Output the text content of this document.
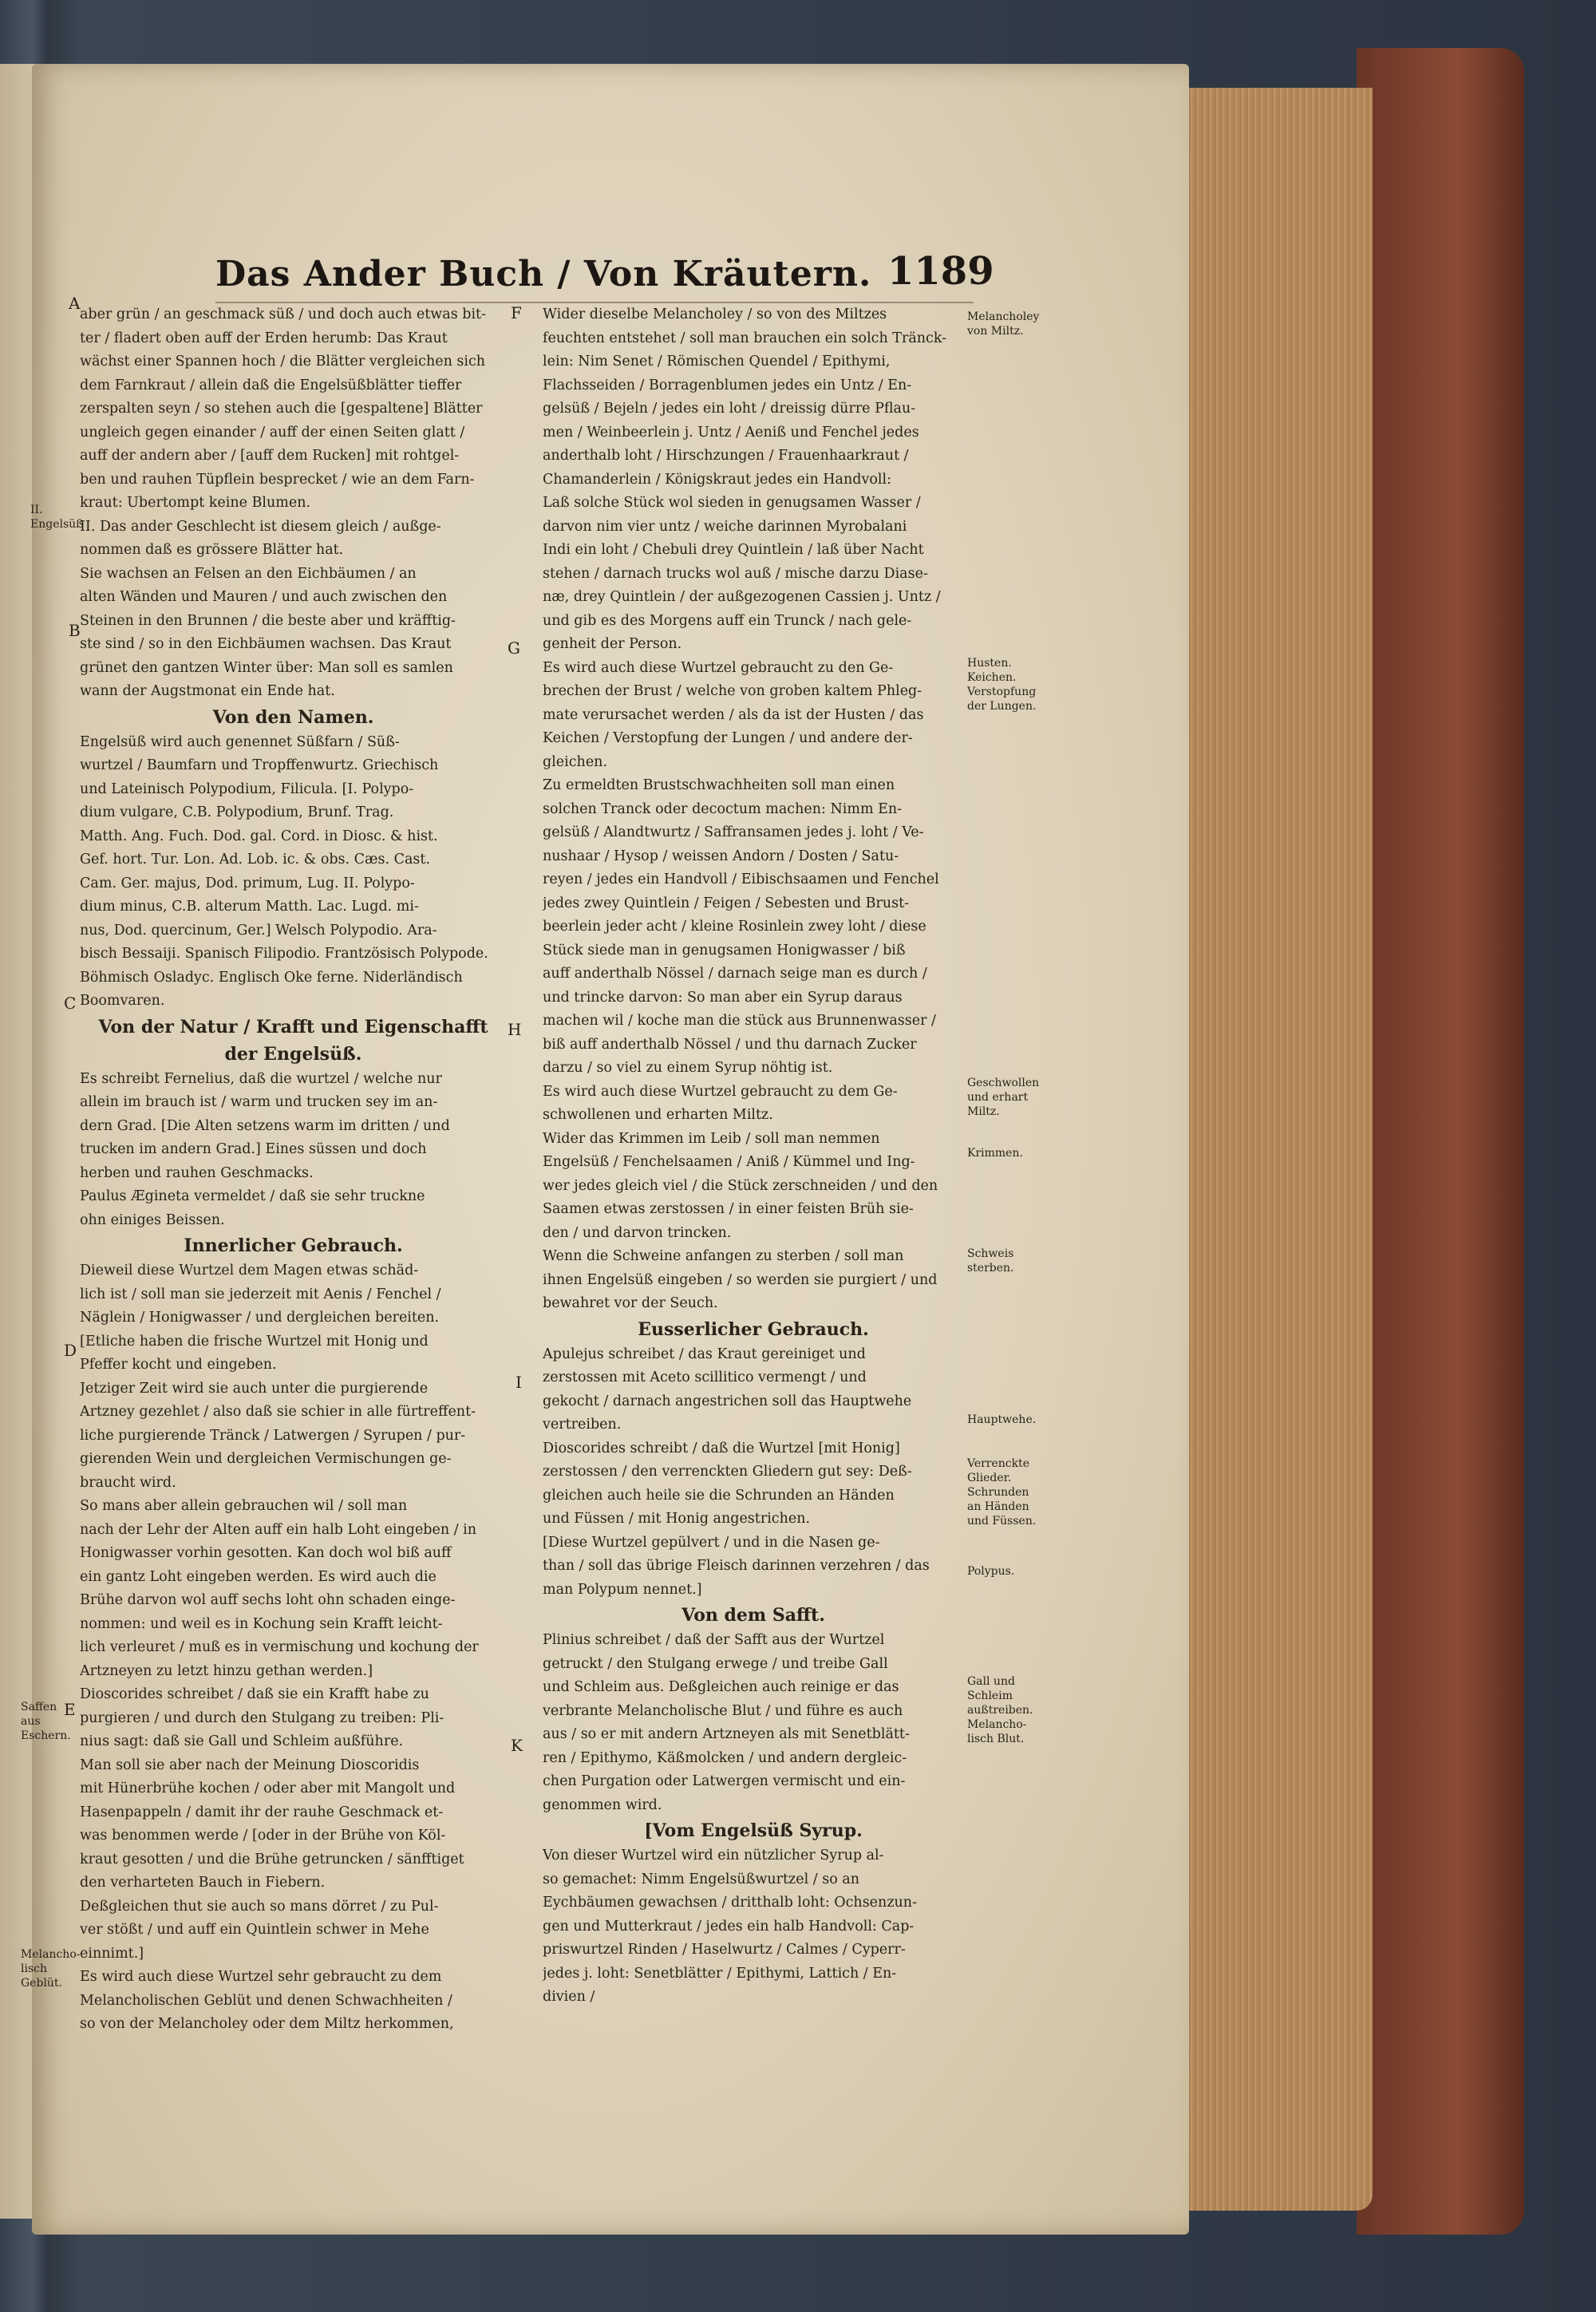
Das Ander Buch / Von Kräutern. 1189
aber grün / an geschmack süß / und doch auch etwas bit-
ter / fladert oben auff der Erden herumb: Das Kraut
wächst einer Spannen hoch / die Blätter vergleichen sich
dem Farnkraut / allein daß die Engelsüßblätter tieffer
zerspalten seyn / so stehen auch die [gespaltene] Blätter
ungleich gegen einander / auff der einen Seiten glatt /
auff der andern aber / [auff dem Rucken] mit rohtgel-
ben und rauhen Tüpflein besprecket / wie an dem Farn-
kraut: Ubertompt keine Blumen.
II. Das ander Geschlecht ist diesem gleich / außge-
nommen daß es grössere Blätter hat.
Sie wachsen an Felsen an den Eichbäumen / an
alten Wänden und Mauren / und auch zwischen den
Steinen in den Brunnen / die beste aber und kräfftig-
ste sind / so in den Eichbäumen wachsen. Das Kraut
grünet den gantzen Winter über: Man soll es samlen
wann der Augstmonat ein Ende hat.
Von den Namen.
Engelsüß wird auch genennet Süßfarn / Süß-
wurtzel / Baumfarn und Tropffenwurtz. Griechisch
und Lateinisch Polypodium, Filicula. [I. Polypo-
dium vulgare, C.B. Polypodium, Brunf. Trag.
Matth. Ang. Fuch. Dod. gal. Cord. in Diosc. & hist.
Gef. hort. Tur. Lon. Ad. Lob. ic. & obs. Cæs. Cast.
Cam. Ger. majus, Dod. primum, Lug. II. Polypo-
dium minus, C.B. alterum Matth. Lac. Lugd. mi-
nus, Dod. quercinum, Ger.] Welsch Polypodio. Ara-
bisch Bessaiji. Spanisch Filipodio. Frantzösisch Polypode.
Böhmisch Osladyc. Englisch Oke ferne. Niderländisch
Boomvaren.
Von der Natur / Krafft und Eigenschafft
der Engelsüß.
Es schreibt Fernelius, daß die wurtzel / welche nur
allein im brauch ist / warm und trucken sey im an-
dern Grad. [Die Alten setzens warm im dritten / und
trucken im andern Grad.] Eines süssen und doch
herben und rauhen Geschmacks.
Paulus Ægineta vermeldet / daß sie sehr truckne
ohn einiges Beissen.
Innerlicher Gebrauch.
Dieweil diese Wurtzel dem Magen etwas schäd-
lich ist / soll man sie jederzeit mit Aenis / Fenchel /
Näglein / Honigwasser / und dergleichen bereiten.
[Etliche haben die frische Wurtzel mit Honig und
Pfeffer kocht und eingeben.
Jetziger Zeit wird sie auch unter die purgierende
Artzney gezehlet / also daß sie schier in alle fürtreffent-
liche purgierende Tränck / Latwergen / Syrupen / pur-
gierenden Wein und dergleichen Vermischungen ge-
braucht wird.
So mans aber allein gebrauchen wil / soll man
nach der Lehr der Alten auff ein halb Loht eingeben / in
Honigwasser vorhin gesotten. Kan doch wol biß auff
ein gantz Loht eingeben werden. Es wird auch die
Brühe darvon wol auff sechs loht ohn schaden einge-
nommen: und weil es in Kochung sein Krafft leicht-
lich verleuret / muß es in vermischung und kochung der
Artzneyen zu letzt hinzu gethan werden.]
Dioscorides schreibet / daß sie ein Krafft habe zu
purgieren / und durch den Stulgang zu treiben: Pli-
nius sagt: daß sie Gall und Schleim außführe.
Man soll sie aber nach der Meinung Dioscoridis
mit Hünerbrühe kochen / oder aber mit Mangolt und
Hasenpappeln / damit ihr der rauhe Geschmack et-
was benommen werde / [oder in der Brühe von Köl-
kraut gesotten / und die Brühe getruncken / sänfftiget
den verharteten Bauch in Fiebern.
Deßgleichen thut sie auch so mans dörret / zu Pul-
ver stößt / und auff ein Quintlein schwer in Mehe
einnimt.]
Es wird auch diese Wurtzel sehr gebraucht zu dem
Melancholischen Geblüt und denen Schwachheiten /
so von der Melancholey oder dem Miltz herkommen,
Wider dieselbe Melancholey / so von des Miltzes
feuchten entstehet / soll man brauchen ein solch Tränck-
lein: Nim Senet / Römischen Quendel / Epithymi,
Flachsseiden / Borragenblumen jedes ein Untz / En-
gelsüß / Bejeln / jedes ein loht / dreissig dürre Pflau-
men / Weinbeerlein j. Untz / Aeniß und Fenchel jedes
anderthalb loht / Hirschzungen / Frauenhaarkraut /
Chamanderlein / Königskraut jedes ein Handvoll:
Laß solche Stück wol sieden in genugsamen Wasser /
darvon nim vier untz / weiche darinnen Myrobalani
Indi ein loht / Chebuli drey Quintlein / laß über Nacht
stehen / darnach trucks wol auß / mische darzu Diase-
næ, drey Quintlein / der außgezogenen Cassien j. Untz /
und gib es des Morgens auff ein Trunck / nach gele-
genheit der Person.
Es wird auch diese Wurtzel gebraucht zu den Ge-
brechen der Brust / welche von groben kaltem Phleg-
mate verursachet werden / als da ist der Husten / das
Keichen / Verstopfung der Lungen / und andere der-
gleichen.
Zu ermeldten Brustschwachheiten soll man einen
solchen Tranck oder decoctum machen: Nimm En-
gelsüß / Alandtwurtz / Saffransamen jedes j. loht / Ve-
nushaar / Hysop / weissen Andorn / Dosten / Satu-
reyen / jedes ein Handvoll / Eibischsaamen und Fenchel
jedes zwey Quintlein / Feigen / Sebesten und Brust-
beerlein jeder acht / kleine Rosinlein zwey loht / diese
Stück siede man in genugsamen Honigwasser / biß
auff anderthalb Nössel / darnach seige man es durch /
und trincke darvon: So man aber ein Syrup daraus
machen wil / koche man die stück aus Brunnenwasser /
biß auff anderthalb Nössel / und thu darnach Zucker
darzu / so viel zu einem Syrup nöhtig ist.
Es wird auch diese Wurtzel gebraucht zu dem Ge-
schwollenen und erharten Miltz.
Wider das Krimmen im Leib / soll man nemmen
Engelsüß / Fenchelsaamen / Aniß / Kümmel und Ing-
wer jedes gleich viel / die Stück zerschneiden / und den
Saamen etwas zerstossen / in einer feisten Brüh sie-
den / und darvon trincken.
Wenn die Schweine anfangen zu sterben / soll man
ihnen Engelsüß eingeben / so werden sie purgiert / und
bewahret vor der Seuch.
Eusserlicher Gebrauch.
Apulejus schreibet / das Kraut gereiniget und
zerstossen mit Aceto scillitico vermengt / und
gekocht / darnach angestrichen soll das Hauptwehe
vertreiben.
Dioscorides schreibt / daß die Wurtzel [mit Honig]
zerstossen / den verrenckten Gliedern gut sey: Deß-
gleichen auch heile sie die Schrunden an Händen
und Füssen / mit Honig angestrichen.
[Diese Wurtzel gepülvert / und in die Nasen ge-
than / soll das übrige Fleisch darinnen verzehren / das
man Polypum nennet.]
Von dem Safft.
Plinius schreibet / daß der Safft aus der Wurtzel
getruckt / den Stulgang erwege / und treibe Gall
und Schleim aus. Deßgleichen auch reinige er das
verbrante Melancholische Blut / und führe es auch
aus / so er mit andern Artzneyen als mit Senetblätt-
ren / Epithymo, Käßmolcken / und andern dergleic-
chen Purgation oder Latwergen vermischt und ein-
genommen wird.
[Vom Engelsüß Syrup.
Von dieser Wurtzel wird ein nützlicher Syrup al-
so gemachet: Nimm Engelsüßwurtzel / so an
Eychbäumen gewachsen / dritthalb loht: Ochsenzun-
gen und Mutterkraut / jedes ein halb Handvoll: Cap-
priswurtzel Rinden / Haselwurtz / Calmes / Cyperr-
jedes j. loht: Senetblätter / Epithymi, Lattich / En-
divien /
A
B
C
D
E
F
G
H
I
K
II. Engelsüß
Saffen aus Eschern.
Melancho- lisch Geblüt.
Melancholey von Miltz.
Husten. Keichen. Verstopfung der Lungen.
Geschwollen und erhart Miltz.
Krimmen.
Schweis sterben.
Hauptwehe.
Verrenckte Glieder. Schrunden an Händen und Füssen.
Polypus.
Gall und Schleim außtreiben. Melancho- lisch Blut.
